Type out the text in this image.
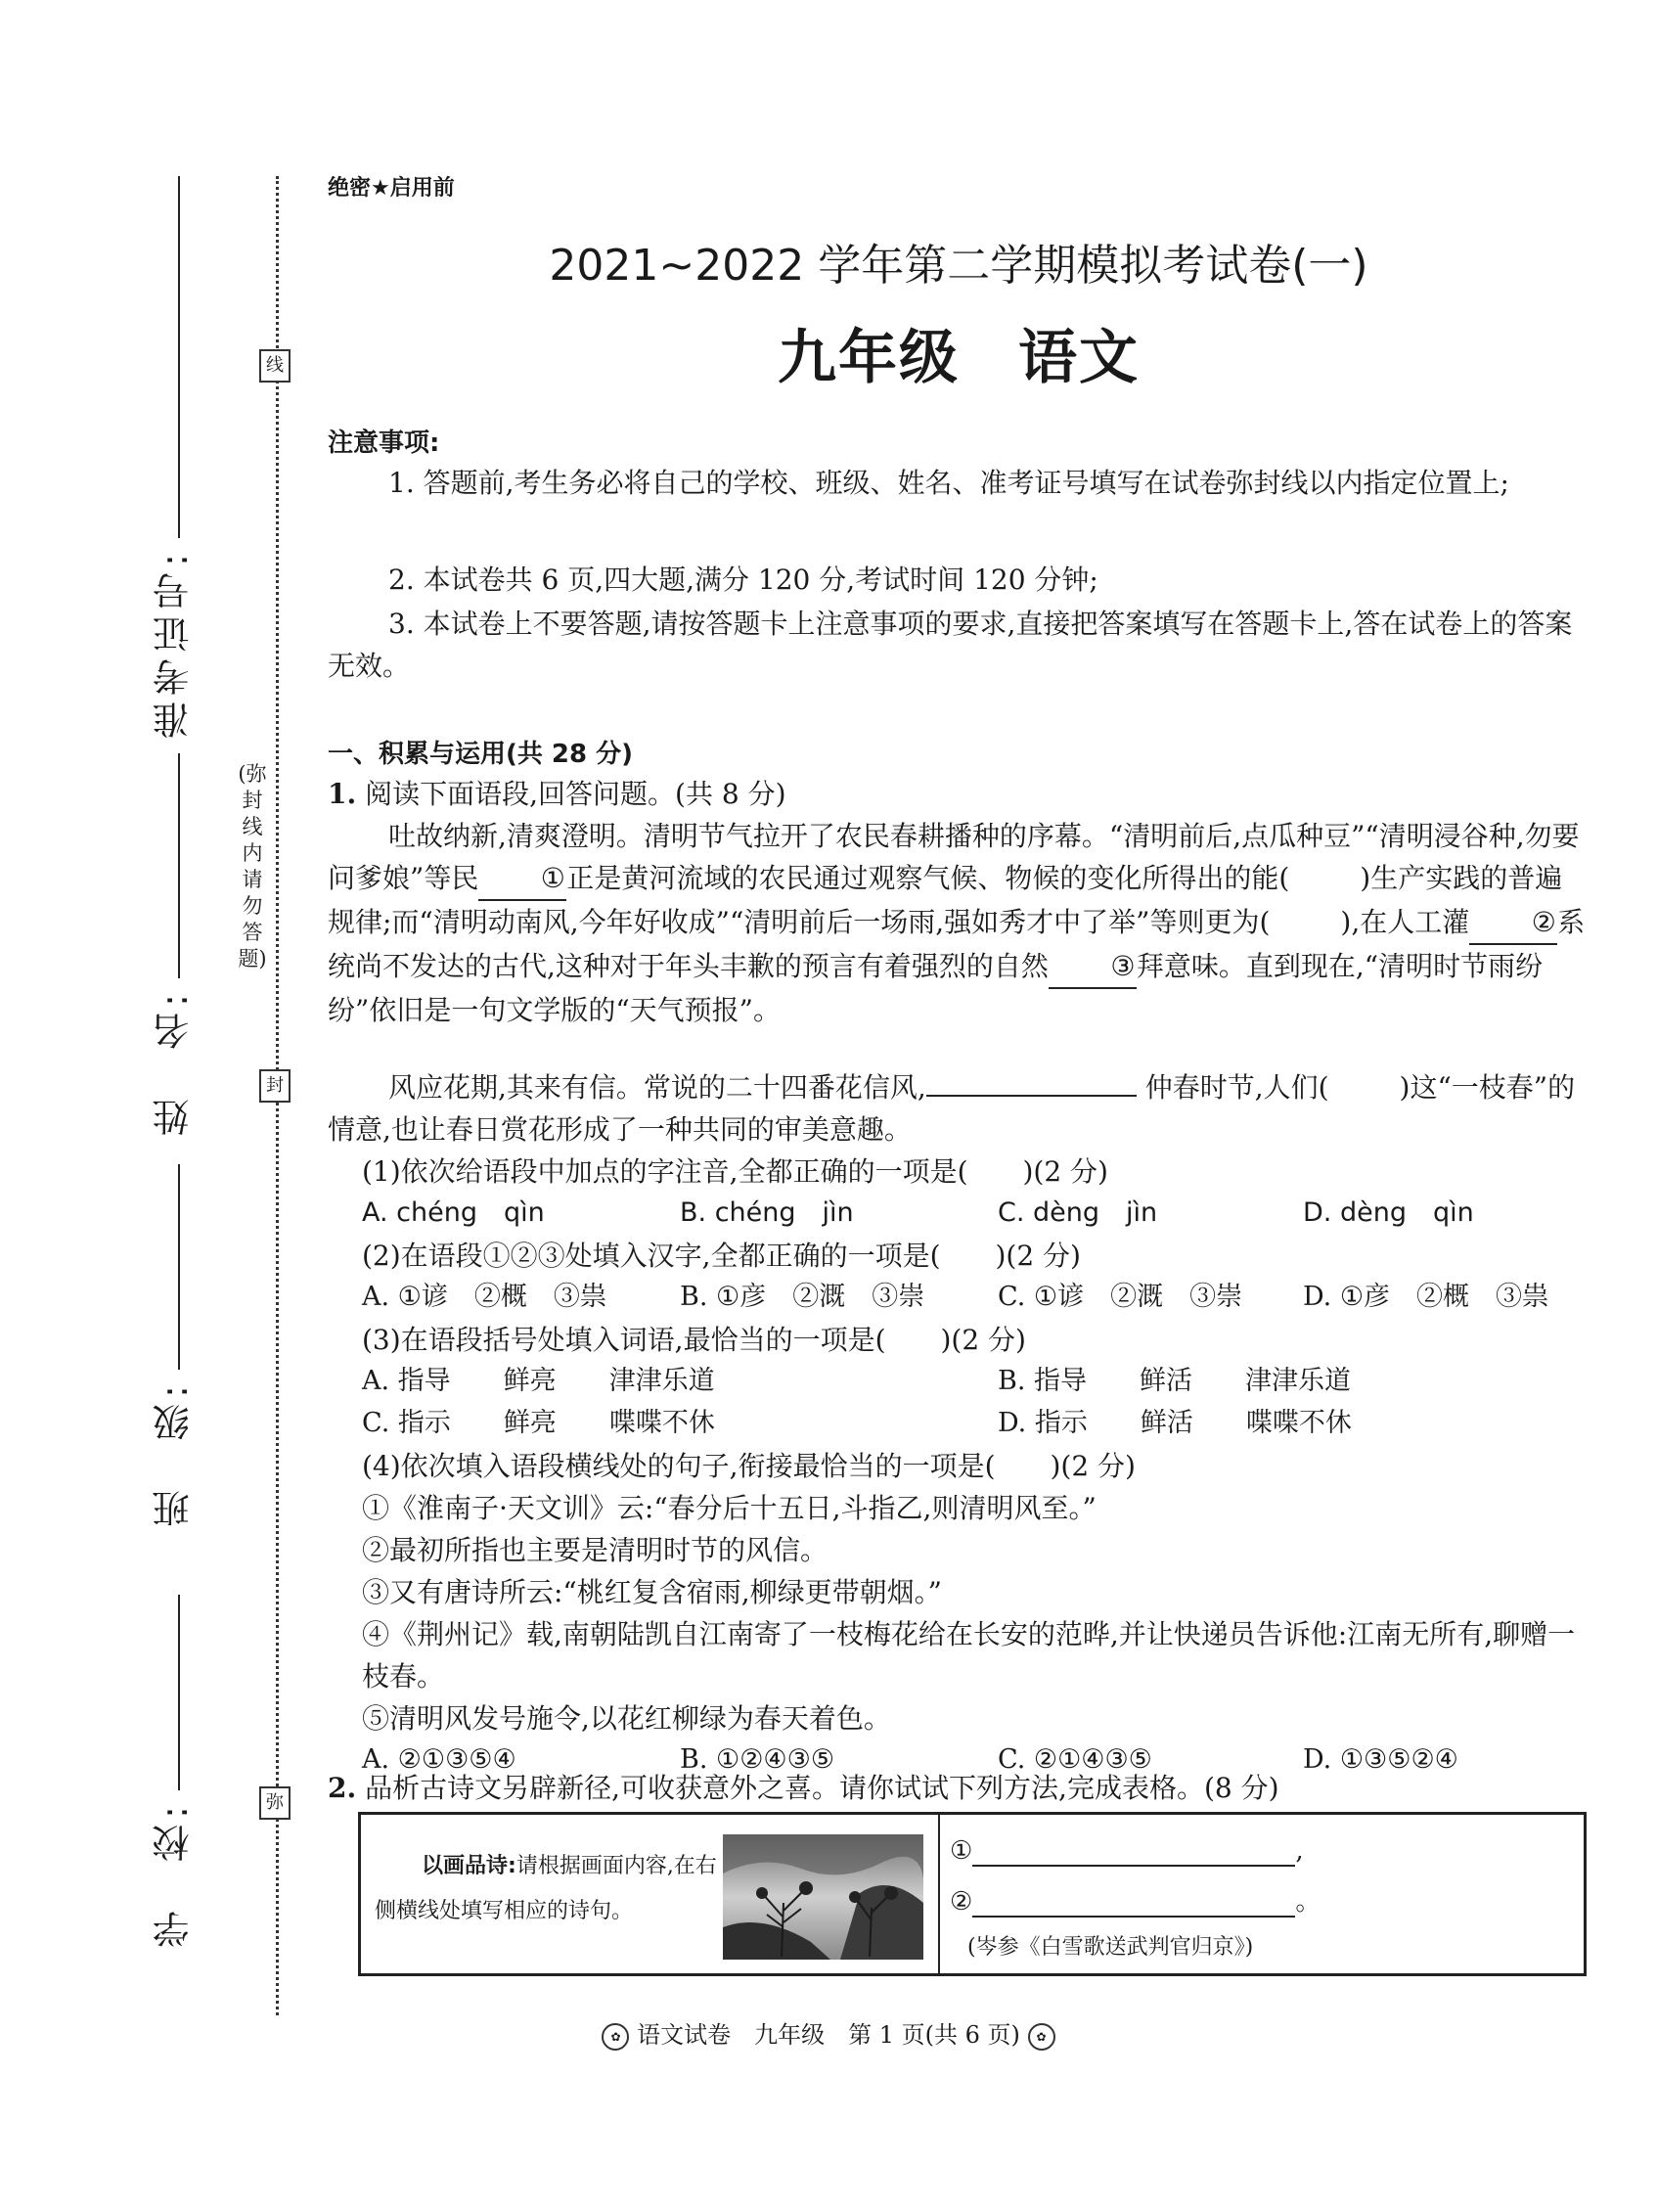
准考证号:
姓　名:
班　级:
学　校:
线
封
弥
(弥封线内请勿答题)
绝密★启用前
2021~2022 学年第二学期模拟考试卷(一)
九年级 语文
注意事项:
1. 答题前,考生务必将自己的学校、班级、姓名、准考证号填写在试卷弥封线以内指定位置上;
2. 本试卷共 6 页,四大题,满分 120 分,考试时间 120 分钟;
3. 本试卷上不要答题,请按答题卡上注意事项的要求,直接把答案填写在答题卡上,答在试卷上的答案无效。
一、积累与运用(共 28 分)
1. 阅读下面语段,回答问题。(共 8 分)
吐故纳新,清爽澄明。清明节气拉开了农民春耕播种的序幕。“清明前后,点瓜种豆”“清明浸谷种,勿要问爹娘”等民 ①正是黄河流域的农民通过观察气候、物候的变化所得出的能(	)生产实践的普遍规律;而“清明动南风,今年好收成”“清明前后一场雨,强如秀才中了举”等则更为(	),在人工灌 ②系统尚不发达的古代,这种对于年头丰歉的预言有着强烈的自然 ③拜意味。直到现在,“清明时节雨纷纷”依旧是一句文学版的“天气预报”。
风应花期,其来有信。常说的二十四番花信风,	仲春时节,人们(	)这“一枝春”的情意,也让春日赏花形成了一种共同的审美意趣。
(1)依次给语段中加点的字注音,全都正确的一项是(　　)(2 分)
A. chéng　qìn	B. chéng　jìn	C. dèng　jìn	D. dèng　qìn
(2)在语段①②③处填入汉字,全都正确的一项是(　　)(2 分)
A. ①谚　②概　③祟	B. ①彦　②溉　③崇	C. ①谚　②溉　③崇 D. ①彦　②概　③祟
(3)在语段括号处填入词语,最恰当的一项是(　　)(2 分)
A. 指导　　鲜亮　　津津乐道	B. 指导　　鲜活　　津津乐道
C. 指示　　鲜亮　　喋喋不休	D. 指示　　鲜活　　喋喋不休
(4)依次填入语段横线处的句子,衔接最恰当的一项是(　　)(2 分)
①《淮南子·天文训》云:“春分后十五日,斗指乙,则清明风至。”
②最初所指也主要是清明时节的风信。
③又有唐诗所云:“桃红复含宿雨,柳绿更带朝烟。”
④《荆州记》载,南朝陆凯自江南寄了一枝梅花给在长安的范晔,并让快递员告诉他:江南无所有,聊赠一枝春。
⑤清明风发号施令,以花红柳绿为春天着色。
A. ②①③⑤④	B. ①②④③⑤	C. ②①④③⑤	D. ①③⑤②④
2. 品析古诗文另辟新径,可收获意外之喜。请你试试下列方法,完成表格。(8 分)
以画品诗:请根据画面内容,在右侧横线处填写相应的诗句。
①	,
②	。
(岑参《白雪歌送武判官归京》)
✿ 语文试卷　九年级　第 1 页(共 6 页) ✿
